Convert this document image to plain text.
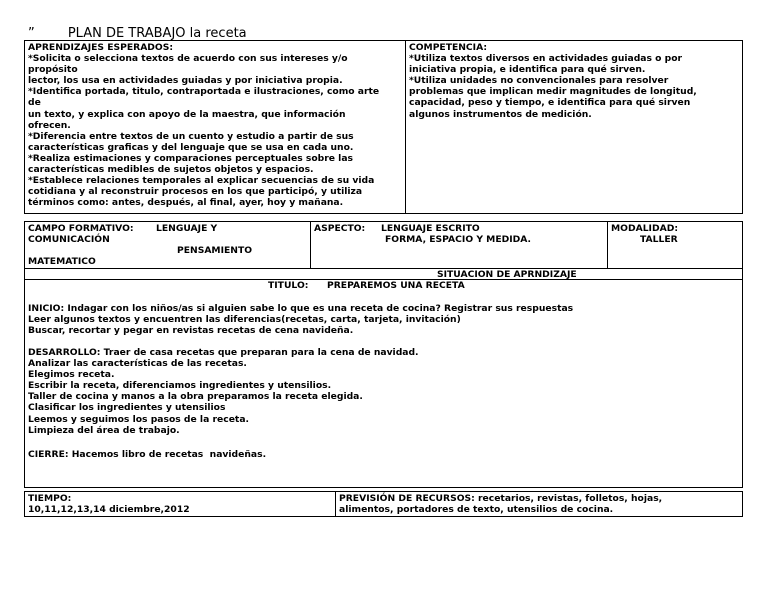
”	PLAN DE TRABAJO la receta
APRENDIZAJES ESPERADOS:
*Solicita o selecciona textos de acuerdo con sus intereses y/o
propósito
lector, los usa en actividades guiadas y por iniciativa propia.
*Identifica portada, titulo, contraportada e ilustraciones, como arte
de
un texto, y explica con apoyo de la maestra, que información
ofrecen.
*Diferencia entre textos de un cuento y estudio a partir de sus
características graficas y del lenguaje que se usa en cada uno.
*Realiza estimaciones y comparaciones perceptuales sobre las
características medibles de sujetos objetos y espacios.
*Establece relaciones temporales al explicar secuencias de su vida
cotidiana y al reconstruir procesos en los que participó, y utiliza
términos como: antes, después, al final, ayer, hoy y mañana.
COMPETENCIA:
*Utiliza textos diversos en actividades guiadas o por
iniciativa propia, e identifica para qué sirven.
*Utiliza unidades no convencionales para resolver
problemas que implican medir magnitudes de longitud,
capacidad, peso y tiempo, e identifica para qué sirven
algunos instrumentos de medición.
CAMPO FORMATIVO: LENGUAJE Y
COMUNICACIÓN
PENSAMIENTO
MATEMATICO
ASPECTO: LENGUAJE ESCRITO
FORMA, ESPACIO Y MEDIDA.
MODALIDAD:
TALLER
SITUACION DE APRNDIZAJE
TITULO: PREPAREMOS UNA RECETA
INICIO: Indagar con los niños/as si alguien sabe lo que es una receta de cocina? Registrar sus respuestas
Leer algunos textos y encuentren las diferencias(recetas, carta, tarjeta, invitación)
Buscar, recortar y pegar en revistas recetas de cena navideña.
DESARROLLO: Traer de casa recetas que preparan para la cena de navidad.
Analizar las características de las recetas.
Elegimos receta.
Escribir la receta, diferenciamos ingredientes y utensilios.
Taller de cocina y manos a la obra preparamos la receta elegida.
Clasificar los ingredientes y utensilios
Leemos y seguimos los pasos de la receta.
Limpieza del área de trabajo.
CIERRE: Hacemos libro de recetas  navideñas.
TIEMPO:
10,11,12,13,14 diciembre,2012
PREVISIÓN DE RECURSOS: recetarios, revistas, folletos, hojas,
alimentos, portadores de texto, utensilios de cocina.
